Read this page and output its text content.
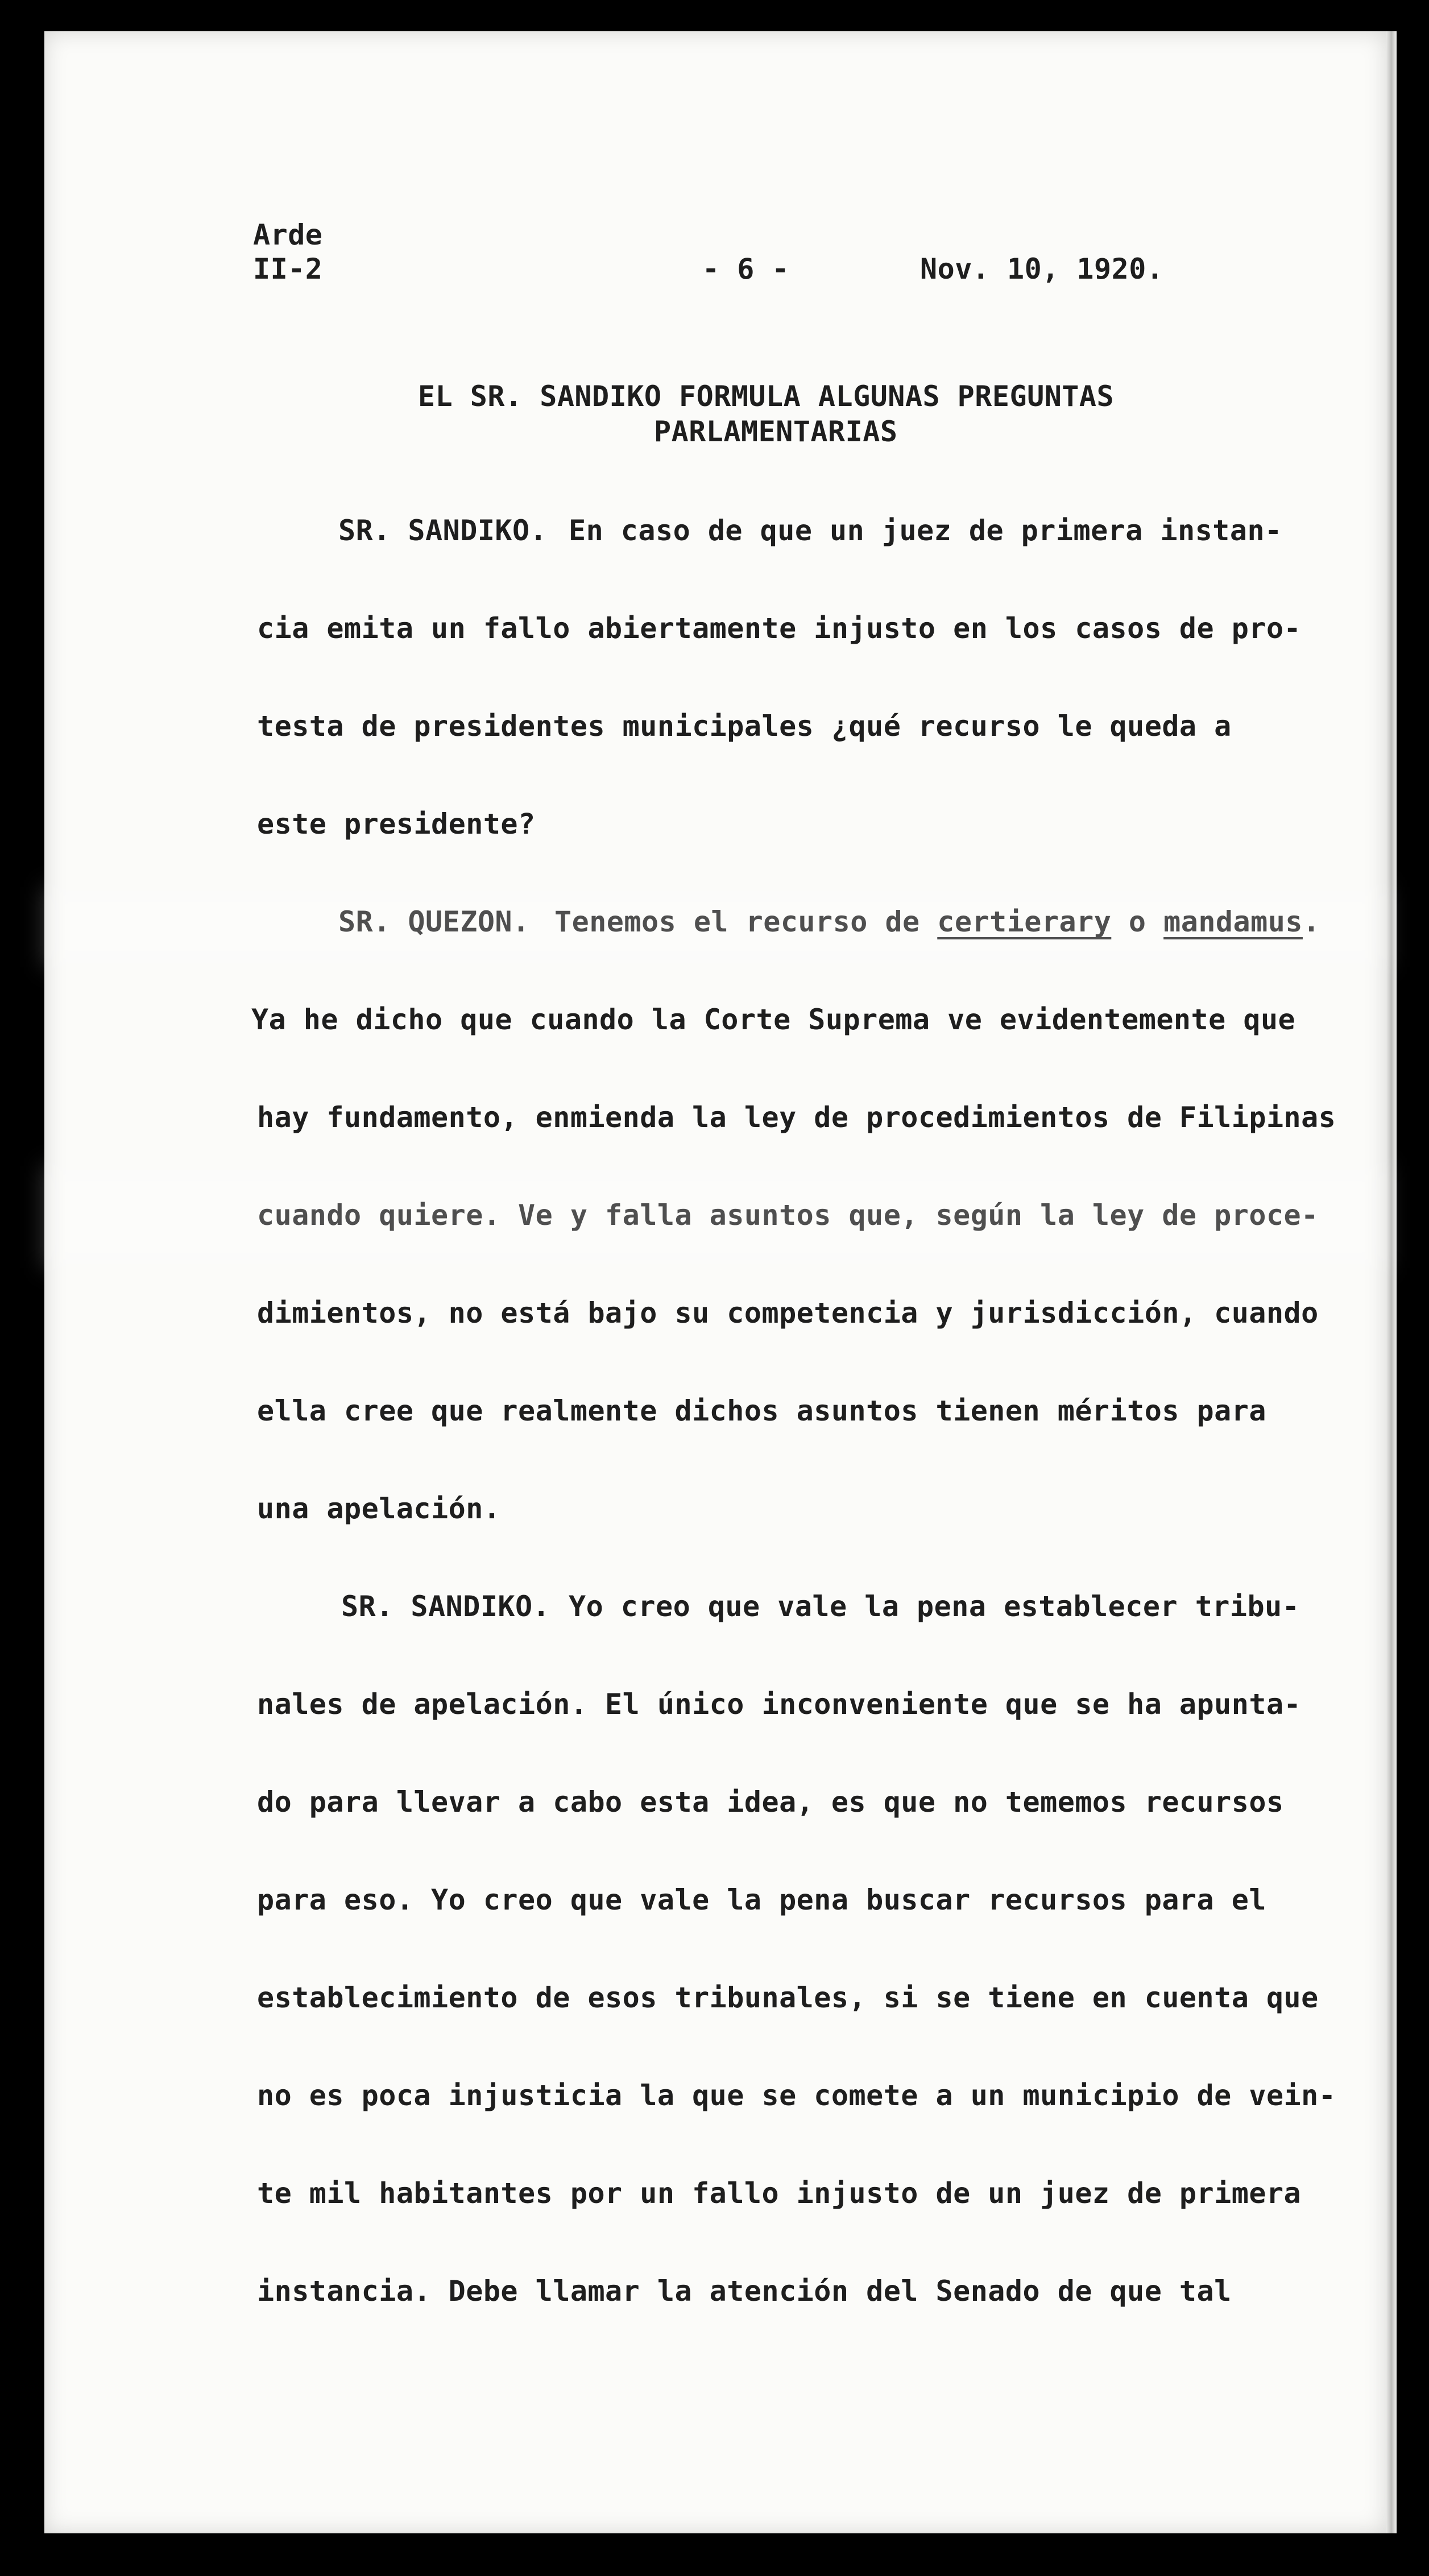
Arde
II-2	- 6 -	Nov. 10, 1920.
EL SR. SANDIKO FORMULA ALGUNAS PREGUNTAS
PARLAMENTARIAS
SR. SANDIKO. En caso de que un juez de primera instan-
cia emita un fallo abiertamente injusto en los casos de pro-
testa de presidentes municipales ¿qué recurso le queda a
este presidente?
SR. QUEZON. Tenemos el recurso de certierary o mandamus.
Ya he dicho que cuando la Corte Suprema ve evidentemente que
hay fundamento, enmienda la ley de procedimientos de Filipinas
cuando quiere. Ve y falla asuntos que, según la ley de proce-
dimientos, no está bajo su competencia y jurisdicción, cuando
ella cree que realmente dichos asuntos tienen méritos para
una apelación.
SR. SANDIKO. Yo creo que vale la pena establecer tribu-
nales de apelación. El único inconveniente que se ha apunta-
do para llevar a cabo esta idea, es que no tememos recursos
para eso. Yo creo que vale la pena buscar recursos para el
establecimiento de esos tribunales, si se tiene en cuenta que
no es poca injusticia la que se comete a un municipio de vein-
te mil habitantes por un fallo injusto de un juez de primera
instancia. Debe llamar la atención del Senado de que tal
